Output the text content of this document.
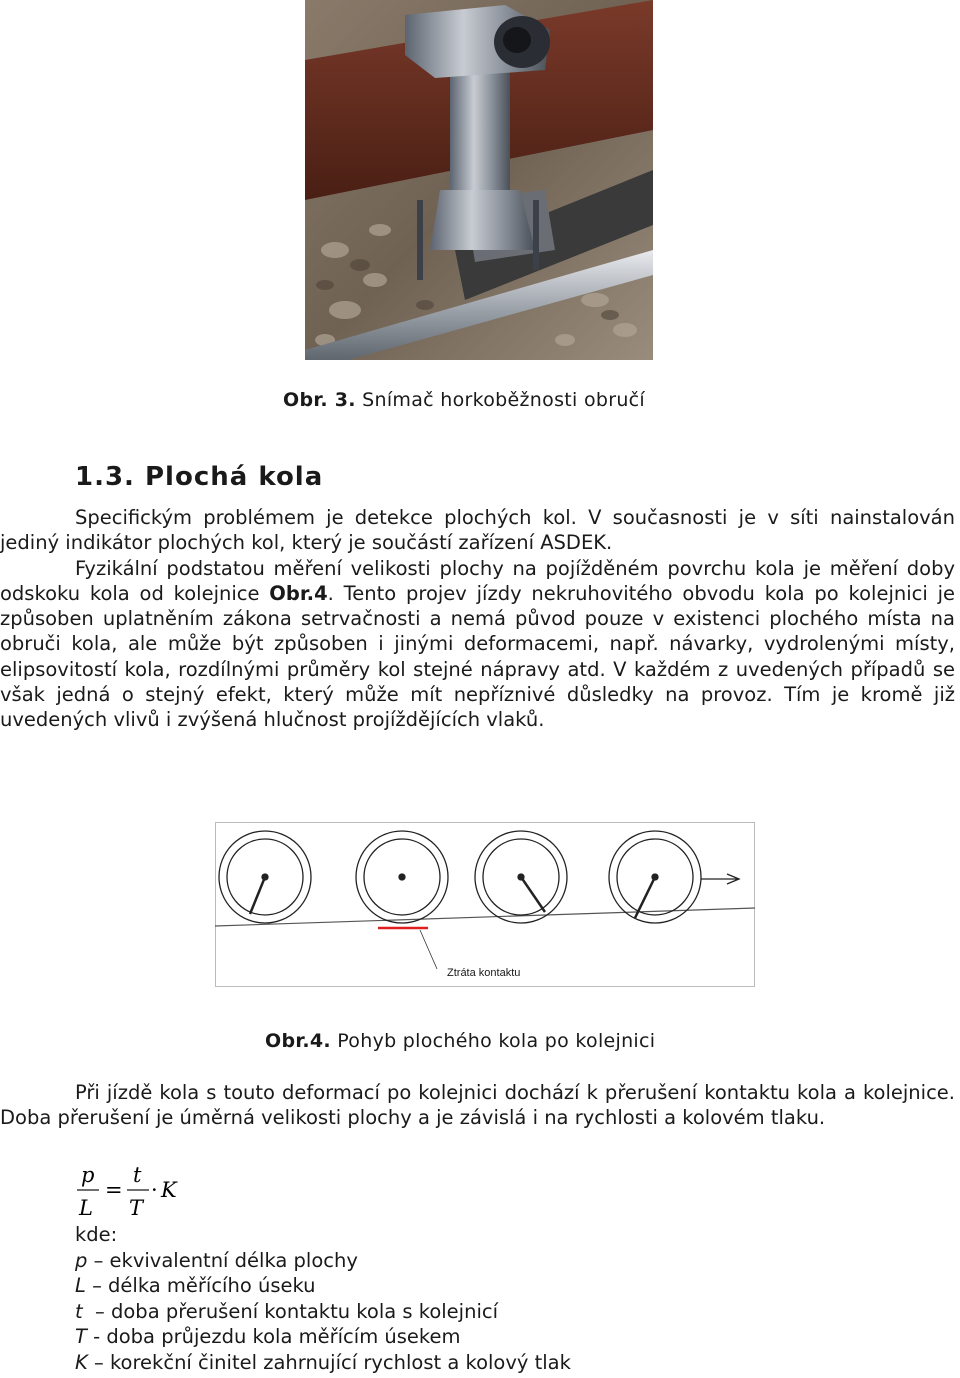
Obr. 3. Snímač horkoběžnosti obručí
1.3. Plochá kola

Specifickým problémem je detekce plochých kol. V současnosti je v síti nainstalován jediný indikátor plochých kol, který je součástí zařízení ASDEK.

Fyzikální podstatou měření velikosti plochy na pojížděném povrchu kola je měření doby odskoku kola od kolejnice Obr.4. Tento projev jízdy nekruhovitého obvodu kola po kolejnici je způsoben uplatněním zákona setrvačnosti a nemá původ pouze v existenci plochého místa na obruči kola, ale může být způsoben i jinými deformacemi, např. návarky, vydrolenými místy, elipsovitostí kola, rozdílnými průměry kol stejné nápravy atd. V každém z uvedených případů se však jedná o stejný efekt, který může mít nepříznivé důsledky na provoz. Tím je kromě již uvedených vlivů i zvýšená hlučnost projíždějících vlaků.

Ztráta kontaktu
Obr.4. Pohyb plochého kola po kolejnici

Při jízdě kola s touto deformací po kolejnici dochází k přerušení kontaktu kola a kolejnice. Doba přerušení je úměrná velikosti plochy a je závislá i na rychlosti a kolovém tlaku.

p
L
=
t
T
· K
kde:
p – ekvivalentní délka plochy
L – délka měřícího úseku
t  – doba přerušení kontaktu kola s kolejnicí
T - doba průjezdu kola měřícím úsekem
K – korekční činitel zahrnující rychlost a kolový tlak
